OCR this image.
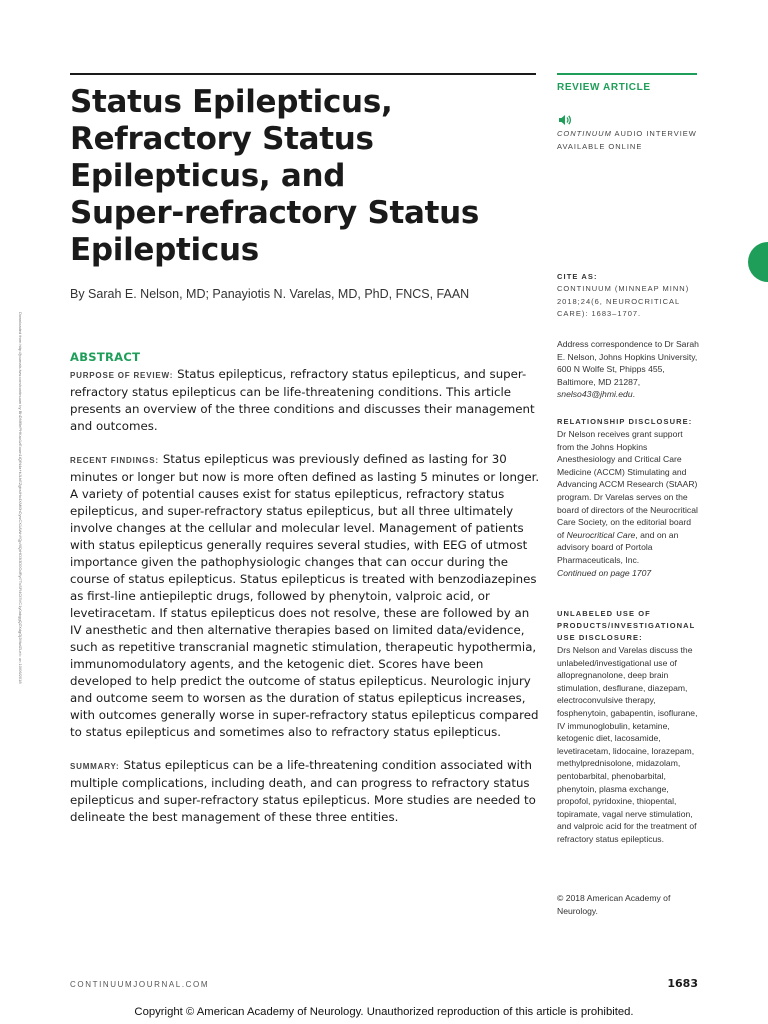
Status Epilepticus,
Refractory Status
Epilepticus, and
Super-refractory Status
Epilepticus
By Sarah E. Nelson, MD; Panayiotis N. Varelas, MD, PhD, FNCS, FAAN
Downloaded from http://journals.lww.com/continuum by BhDMf5ePHKav1zEoum1tQfN4a+kJLhEZgbsIHo4XMi0hCywCX1AWnYQp/IlQrHD3i3D0OdRyi7TvSFl4Cf3VC1y0abggQZXdgGj2MwlZLeI= on 10/06/2018	ABSTRACT

PURPOSE OF REVIEW: Status epilepticus, refractory status epilepticus, and super-refractory status epilepticus can be life-threatening conditions. This article presents an overview of the three conditions and discusses their management and outcomes.

RECENT FINDINGS: Status epilepticus was previously defined as lasting for 30 minutes or longer but now is more often defined as lasting 5 minutes or longer. A variety of potential causes exist for status epilepticus, refractory status epilepticus, and super-refractory status epilepticus, but all three ultimately involve changes at the cellular and molecular level. Management of patients with status epilepticus generally requires several studies, with EEG of utmost importance given the pathophysiologic changes that can occur during the course of status epilepticus. Status epilepticus is treated with benzodiazepines as first-line antiepileptic drugs, followed by phenytoin, valproic acid, or levetiracetam. If status epilepticus does not resolve, these are followed by an IV anesthetic and then alternative therapies based on limited data/evidence, such as repetitive transcranial magnetic stimulation, therapeutic hypothermia, immunomodulatory agents, and the ketogenic diet. Scores have been developed to help predict the outcome of status epilepticus. Neurologic injury and outcome seem to worsen as the duration of status epilepticus increases, with outcomes generally worse in super-refractory status epilepticus compared to status epilepticus and sometimes also to refractory status epilepticus.

SUMMARY: Status epilepticus can be a life-threatening condition associated with multiple complications, including death, and can progress to refractory status epilepticus and super-refractory status epilepticus. More studies are needed to delineate the best management of these three entities.

REVIEW ARTICLE
CONTINUUM AUDIO INTERVIEW AVAILABLE ONLINE
CITE AS:
CONTINUUM (MINNEAP MINN) 2018;24(6, NEUROCRITICAL CARE): 1683–1707.

Address correspondence to Dr Sarah E. Nelson, Johns Hopkins University, 600 N Wolfe St, Phipps 455, Baltimore, MD 21287, snelso43@jhmi.edu.

RELATIONSHIP DISCLOSURE:

Dr Nelson receives grant support from the Johns Hopkins Anesthesiology and Critical Care Medicine (ACCM) Stimulating and Advancing ACCM Research (StAAR) program. Dr Varelas serves on the board of directors of the Neurocritical Care Society, on the editorial board of Neurocritical Care, and on an advisory board of Portola Pharmaceuticals, Inc.

Continued on page 1707

UNLABELED USE OF PRODUCTS/INVESTIGATIONAL USE DISCLOSURE:

Drs Nelson and Varelas discuss the unlabeled/investigational use of allopregnanolone, deep brain stimulation, desflurane, diazepam, electroconvulsive therapy, fosphenytoin, gabapentin, isoflurane, IV immunoglobulin, ketamine, ketogenic diet, lacosamide, levetiracetam, lidocaine, lorazepam, methylprednisolone, midazolam, pentobarbital, phenobarbital, phenytoin, plasma exchange, propofol, pyridoxine, thiopental, topiramate, vagal nerve stimulation, and valproic acid for the treatment of refractory status epilepticus.

© 2018 American Academy of Neurology.

CONTINUUMJOURNAL.COM	1683
Copyright © American Academy of Neurology. Unauthorized reproduction of this article is prohibited.
